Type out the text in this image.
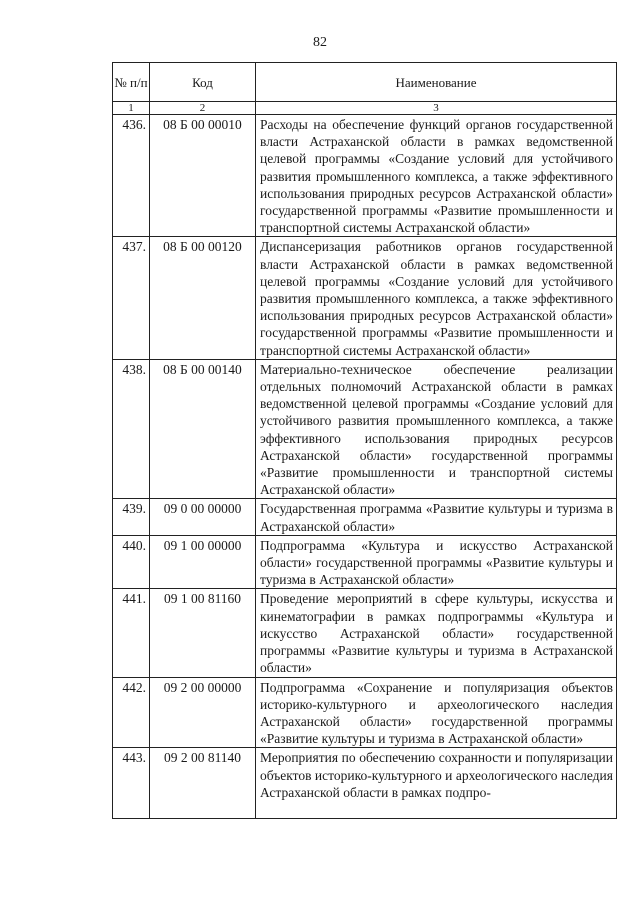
82
№ п/п	Код	Наименование
1	2	3
436.	08 Б 00 00010	Расходы на обеспечение функций органов государственной власти Астраханской области в рамках ведомственной целевой программы «Создание условий для устойчивого развития промышленного комплекса, а также эффективного использования природных ресурсов Астраханской области» государственной программы «Развитие промышленности и транспортной системы Астраханской области»
437.	08 Б 00 00120	Диспансеризация работников органов государственной власти Астраханской области в рамках ведомственной целевой программы «Создание условий для устойчивого развития промышленного комплекса, а также эффективного использования природных ресурсов Астраханской области» государственной программы «Развитие промышленности и транспортной системы Астраханской области»
438.	08 Б 00 00140	Материально-техническое обеспечение реализации отдельных полномочий Астраханской области в рамках ведомственной целевой программы «Создание условий для устойчивого развития промышленного комплекса, а также эффективного использования природных ресурсов Астраханской области» государственной программы «Развитие промышленности и транспортной системы Астраханской области»
439.	09 0 00 00000	Государственная программа «Развитие культуры и туризма в Астраханской области»
440.	09 1 00 00000	Подпрограмма «Культура и искусство Астраханской области» государственной программы «Развитие культуры и туризма в Астраханской области»
441.	09 1 00 81160	Проведение мероприятий в сфере культуры, искусства и кинематографии в рамках подпрограммы «Культура и искусство Астраханской области» государственной программы «Развитие культуры и туризма в Астраханской области»
442.	09 2 00 00000	Подпрограмма «Сохранение и популяризация объектов историко-культурного и археологического наследия Астраханской области» государственной программы «Развитие культуры и туризма в Астраханской области»
443.	09 2 00 81140	Мероприятия по обеспечению сохранности и популяризации объектов историко-культурного и археологического наследия Астраханской области в рамках подпро-
